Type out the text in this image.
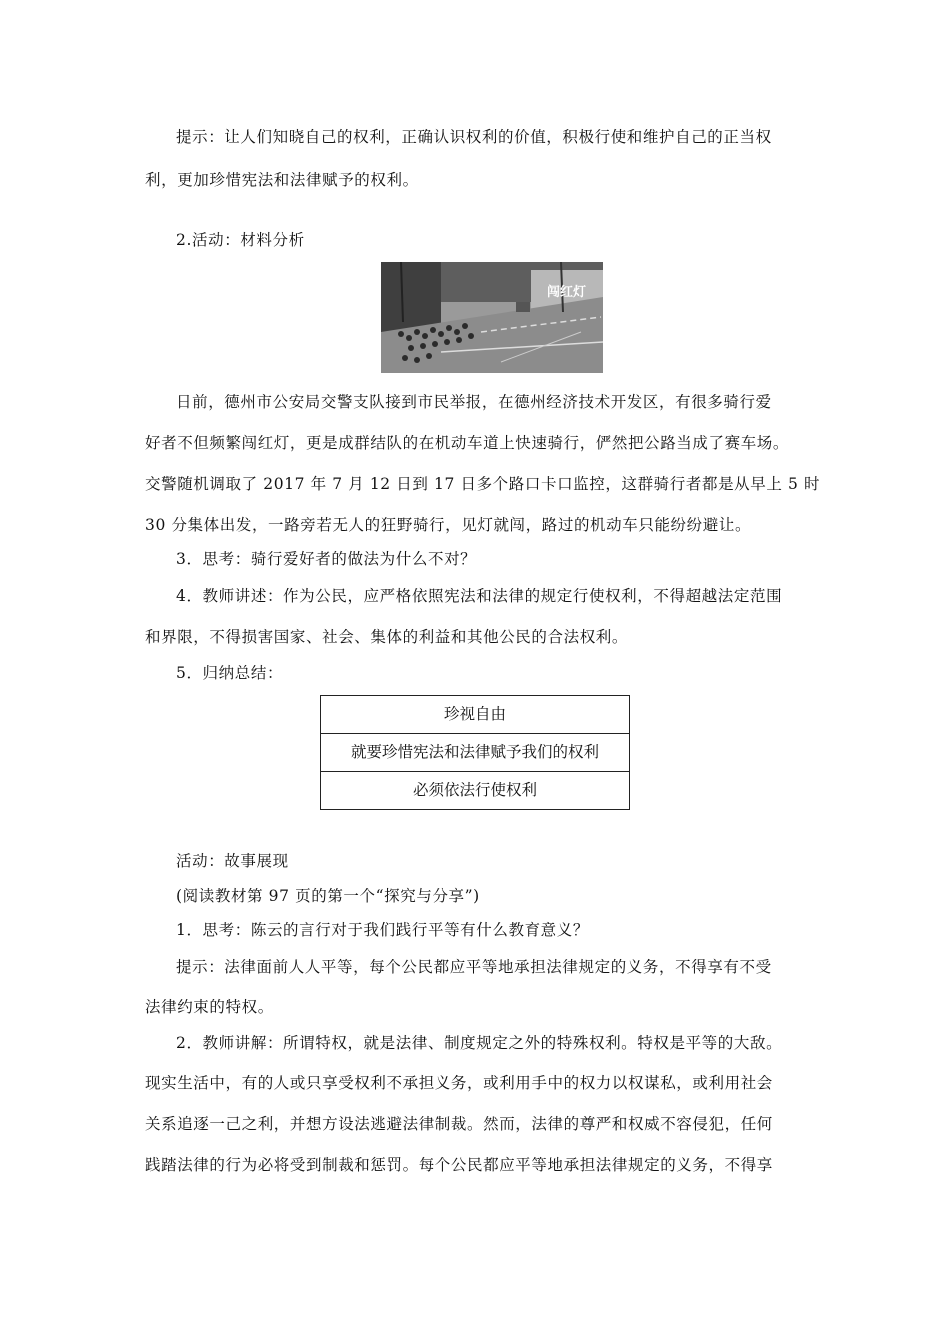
提示：让人们知晓自己的权利，正确认识权利的价值，积极行使和维护自己的正当权
利，更加珍惜宪法和法律赋予的权利。
2.活动：材料分析
闯红灯
日前，德州市公安局交警支队接到市民举报，在德州经济技术开发区，有很多骑行爱
好者不但频繁闯红灯，更是成群结队的在机动车道上快速骑行，俨然把公路当成了赛车场。
交警随机调取了 2017 年 7 月 12 日到 17 日多个路口卡口监控，这群骑行者都是从早上 5 时
30 分集体出发，一路旁若无人的狂野骑行，见灯就闯，路过的机动车只能纷纷避让。
3．思考：骑行爱好者的做法为什么不对？
4．教师讲述：作为公民，应严格依照宪法和法律的规定行使权利，不得超越法定范围
和界限，不得损害国家、社会、集体的利益和其他公民的合法权利。
5．归纳总结：
珍视自由
就要珍惜宪法和法律赋予我们的权利
必须依法行使权利
活动：故事展现
(阅读教材第 97 页的第一个“探究与分享”)
1．思考：陈云的言行对于我们践行平等有什么教育意义？
提示：法律面前人人平等，每个公民都应平等地承担法律规定的义务，不得享有不受
法律约束的特权。
2．教师讲解：所谓特权，就是法律、制度规定之外的特殊权利。特权是平等的大敌。
现实生活中，有的人或只享受权利不承担义务，或利用手中的权力以权谋私，或利用社会
关系追逐一己之利，并想方设法逃避法律制裁。然而，法律的尊严和权威不容侵犯，任何
践踏法律的行为必将受到制裁和惩罚。每个公民都应平等地承担法律规定的义务，不得享
